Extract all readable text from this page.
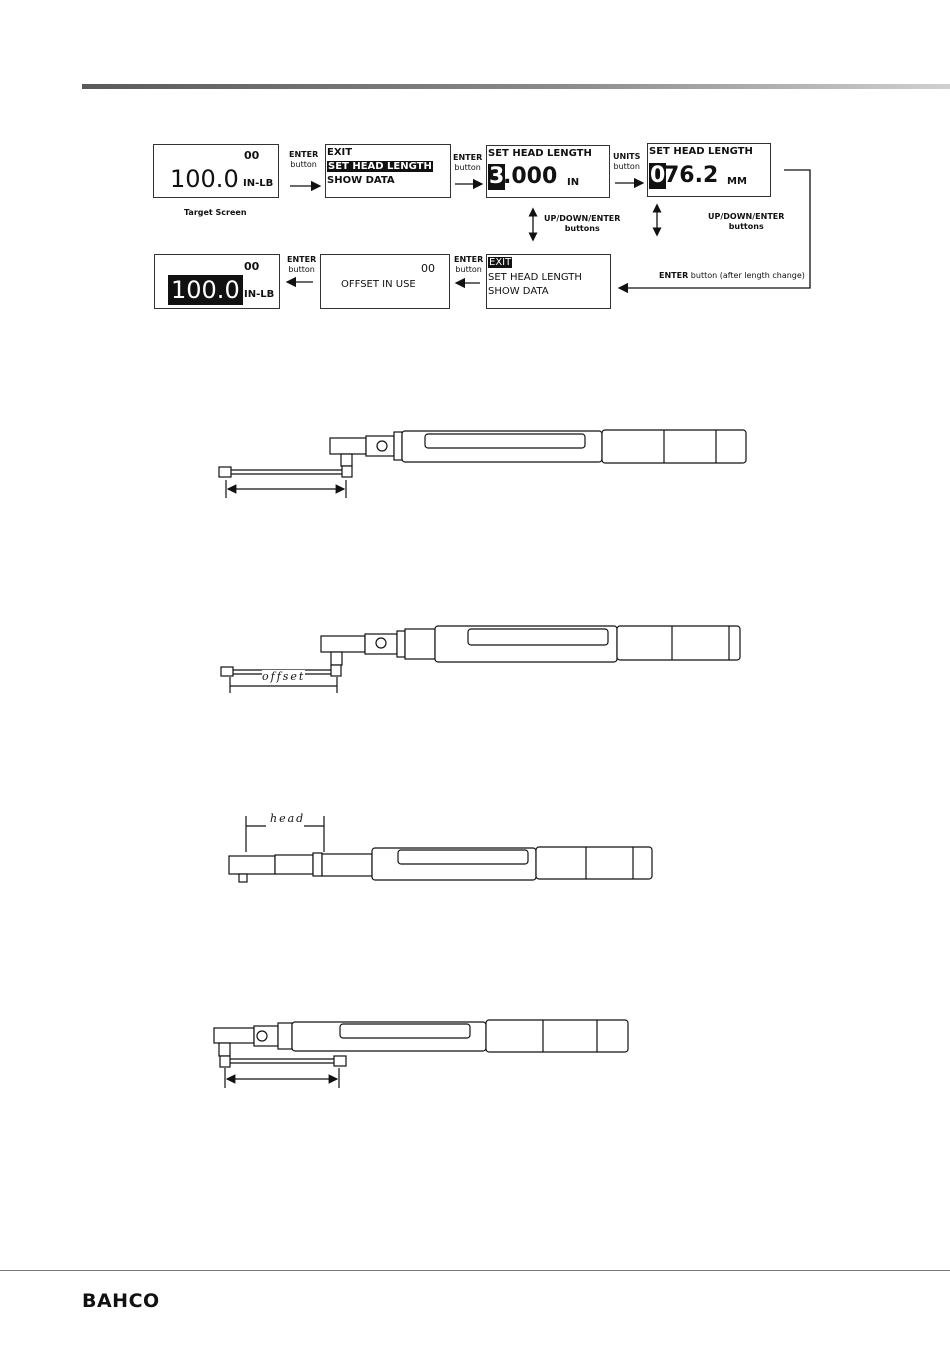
00
100.0 IN-LB
Target Screen
ENTER
button
EXIT
SET HEAD LENGTH
SHOW DATA
ENTER
button
SET HEAD LENGTH
3
.000 IN
UNITS
button
SET HEAD LENGTH
0
76.2 MM
UP/DOWN/ENTER
buttons
UP/DOWN/ENTER
buttons
ENTER button (after length change)
EXIT
SET HEAD LENGTH
SHOW DATA
ENTER
button
00
OFFSET IN USE
ENTER
button
00
100.0 IN-LB
offset
head
BAHCO
